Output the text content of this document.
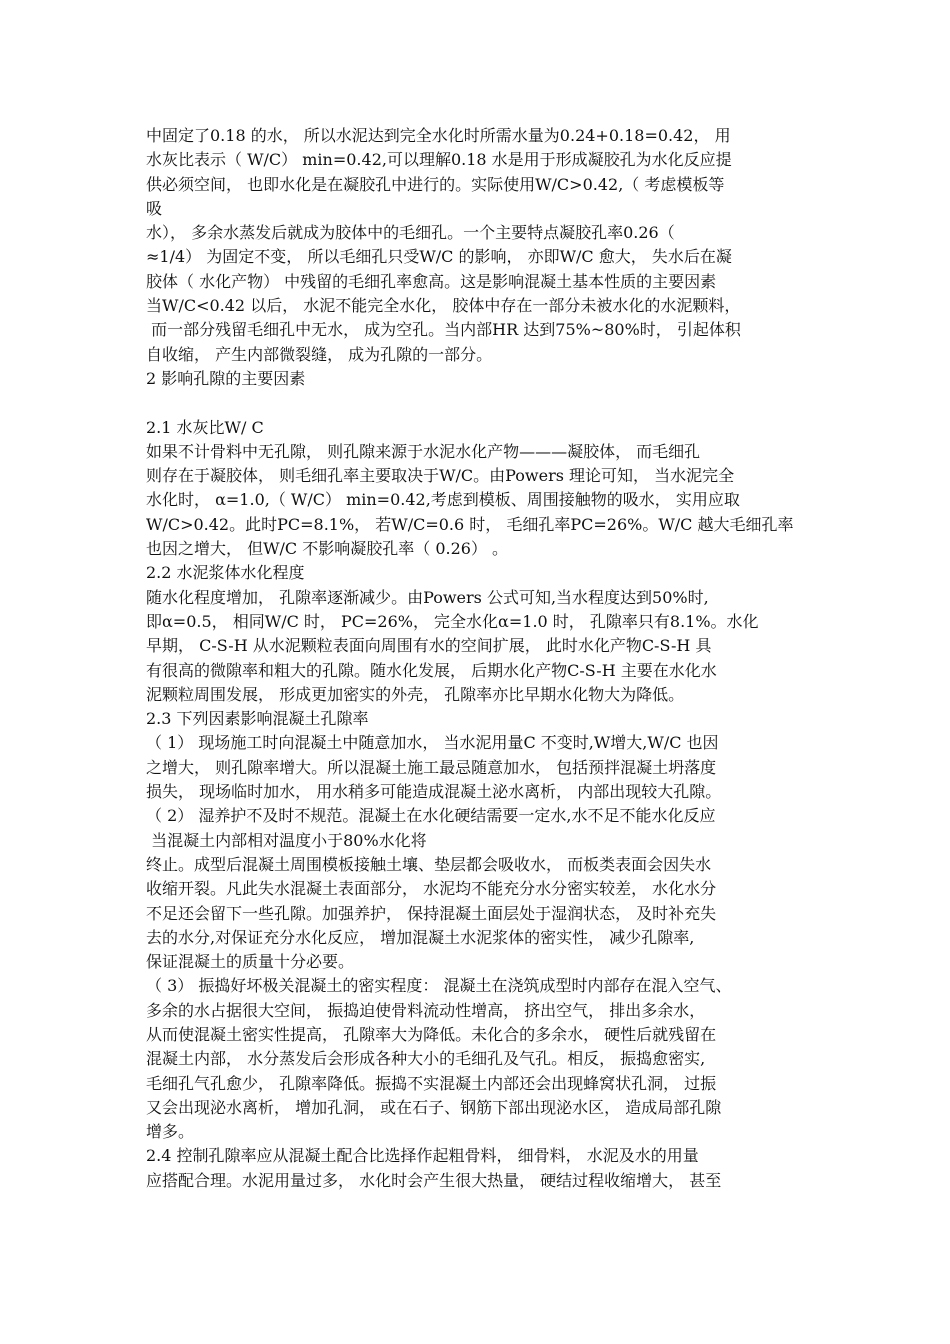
中固定了0.18 的水， 所以水泥达到完全水化时所需水量为0.24+0.18=0.42， 用
水灰比表示（ W/C） min=0.42,可以理解0.18 水是用于形成凝胶孔为水化反应提
供必须空间， 也即水化是在凝胶孔中进行的。实际使用W/C>0.42,（ 考虑模板等
吸
水）， 多余水蒸发后就成为胶体中的毛细孔。一个主要特点凝胶孔率0.26（
≈1/4） 为固定不变， 所以毛细孔只受W/C 的影响， 亦即W/C 愈大， 失水后在凝
胶体（ 水化产物） 中残留的毛细孔率愈高。这是影响混凝土基本性质的主要因素
当W/C<0.42 以后， 水泥不能完全水化， 胶体中存在一部分未被水化的水泥颗料，
而一部分残留毛细孔中无水， 成为空孔。当内部HR 达到75%~80%时， 引起体积
自收缩， 产生内部微裂缝， 成为孔隙的一部分。
2 影响孔隙的主要因素
2.1 水灰比W/ C
如果不计骨料中无孔隙， 则孔隙来源于水泥水化产物———凝胶体， 而毛细孔
则存在于凝胶体， 则毛细孔率主要取决于W/C。由Powers 理论可知， 当水泥完全
水化时， α=1.0,（ W/C） min=0.42,考虑到模板、周围接触物的吸水， 实用应取
W/C>0.42。此时PC=8.1%， 若W/C=0.6 时， 毛细孔率PC=26%。W/C 越大毛细孔率
也因之增大， 但W/C 不影响凝胶孔率（ 0.26） 。
2.2 水泥浆体水化程度
随水化程度增加， 孔隙率逐渐减少。由Powers 公式可知,当水程度达到50%时,
即α=0.5， 相同W/C 时， PC=26%， 完全水化α=1.0 时， 孔隙率只有8.1%。水化
早期， C-S-H 从水泥颗粒表面向周围有水的空间扩展， 此时水化产物C-S-H 具
有很高的微隙率和粗大的孔隙。随水化发展， 后期水化产物C-S-H 主要在水化水
泥颗粒周围发展， 形成更加密实的外壳， 孔隙率亦比早期水化物大为降低。
2.3 下列因素影响混凝土孔隙率
（ 1） 现场施工时向混凝土中随意加水， 当水泥用量C 不变时,W增大,W/C 也因
之增大， 则孔隙率增大。所以混凝土施工最忌随意加水， 包括预拌混凝土坍落度
损失， 现场临时加水， 用水稍多可能造成混凝土泌水离析， 内部出现较大孔隙。
（ 2） 湿养护不及时不规范。混凝土在水化硬结需要一定水,水不足不能水化反应
当混凝土内部相对温度小于80%水化将
终止。成型后混凝土周围模板接触土壤、垫层都会吸收水， 而板类表面会因失水
收缩开裂。凡此失水混凝土表面部分， 水泥均不能充分水分密实较差， 水化水分
不足还会留下一些孔隙。加强养护， 保持混凝土面层处于湿润状态， 及时补充失
去的水分,对保证充分水化反应， 增加混凝土水泥浆体的密实性， 减少孔隙率,
保证混凝土的质量十分必要。
（ 3） 振捣好坏极关混凝土的密实程度： 混凝土在浇筑成型时内部存在混入空气、
多余的水占据很大空间， 振捣迫使骨料流动性增高， 挤出空气， 排出多余水，
从而使混凝土密实性提高， 孔隙率大为降低。未化合的多余水， 硬性后就残留在
混凝土内部， 水分蒸发后会形成各种大小的毛细孔及气孔。相反， 振捣愈密实,
毛细孔气孔愈少， 孔隙率降低。振捣不实混凝土内部还会出现蜂窝状孔洞， 过振
又会出现泌水离析， 增加孔洞， 或在石子、钢筋下部出现泌水区， 造成局部孔隙
增多。
2.4 控制孔隙率应从混凝土配合比选择作起粗骨料， 细骨料， 水泥及水的用量
应搭配合理。水泥用量过多， 水化时会产生很大热量， 硬结过程收缩增大， 甚至
